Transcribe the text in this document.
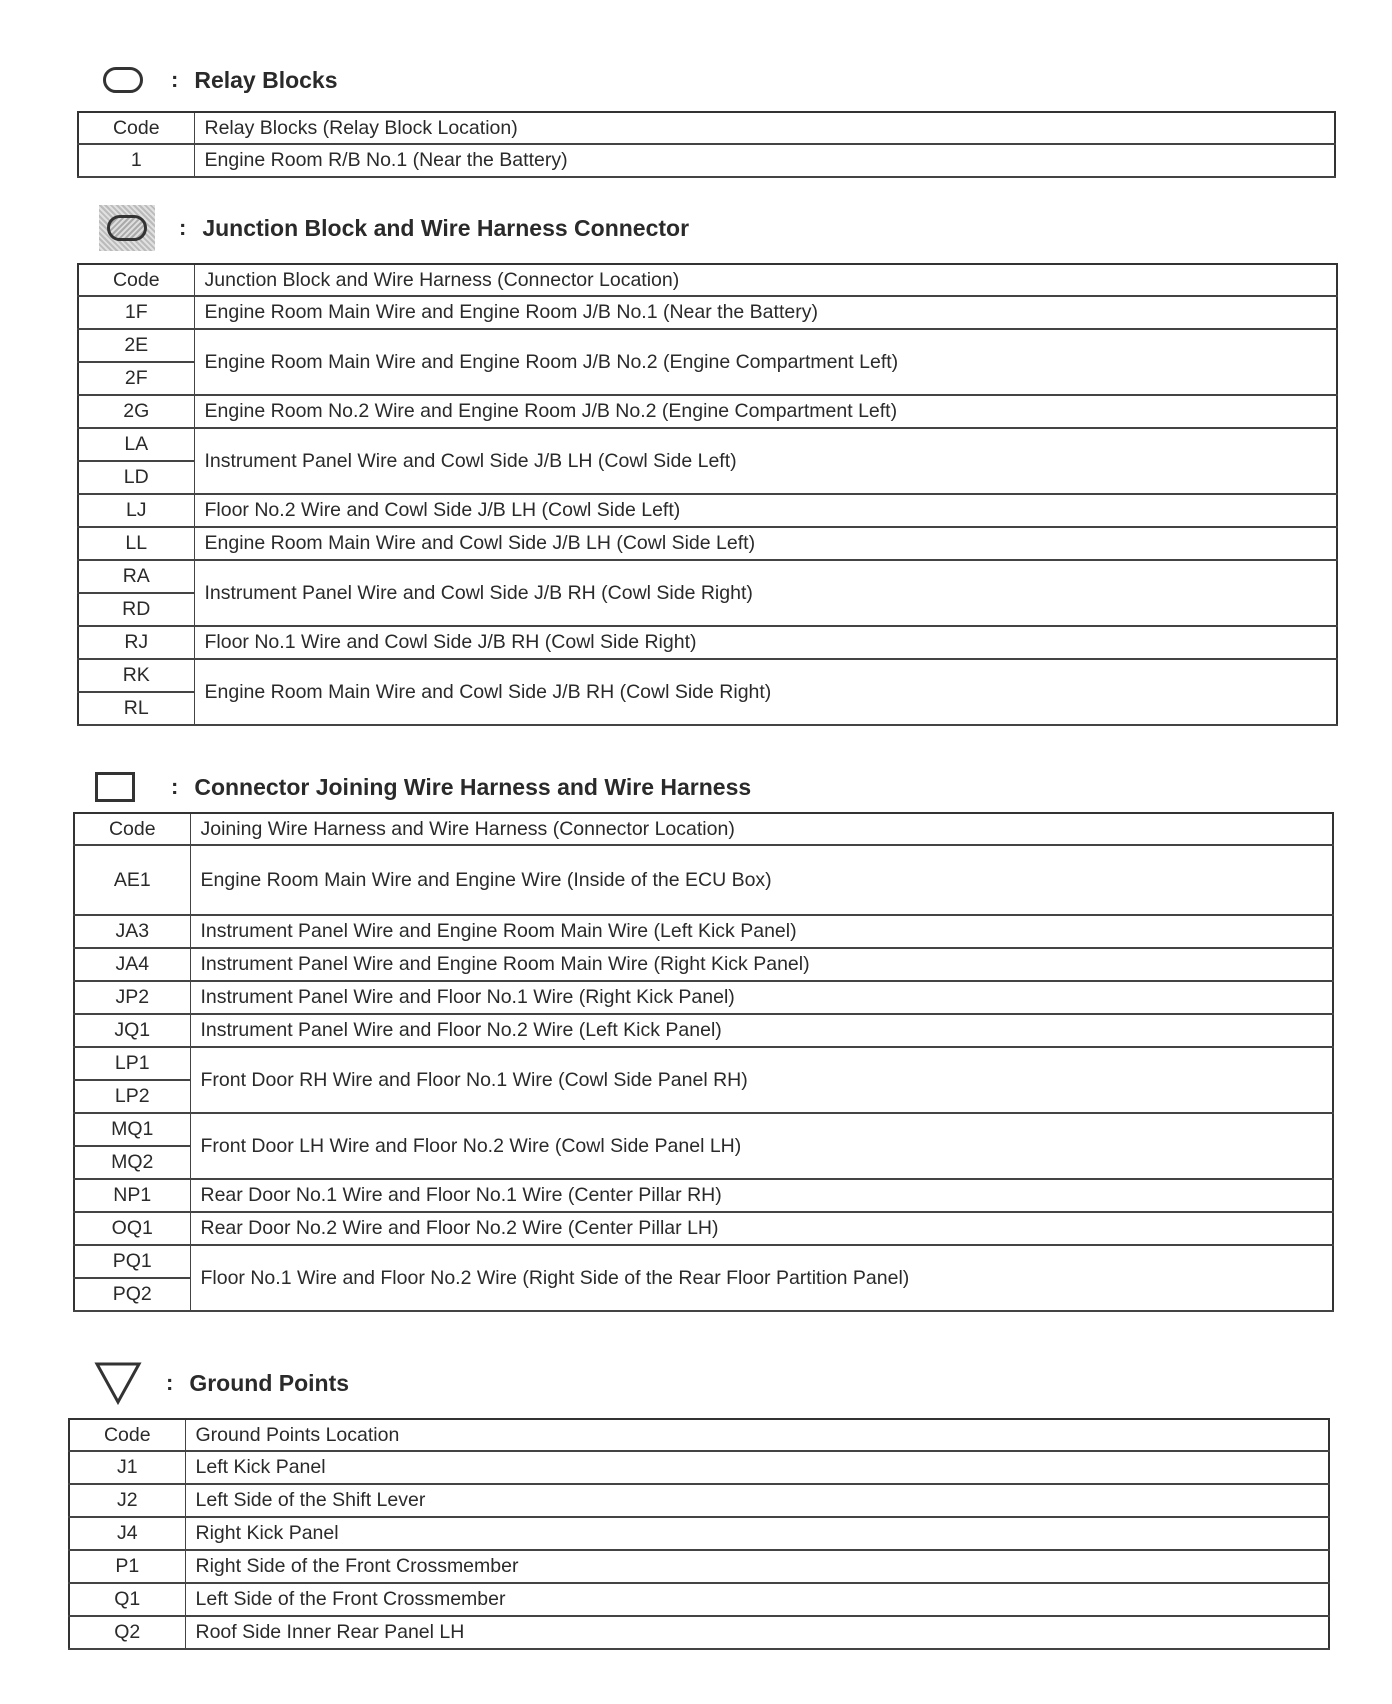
: Relay Blocks
Code	Relay Blocks (Relay Block Location)
1	Engine Room R/B No.1 (Near the Battery)
: Junction Block and Wire Harness Connector
Code	Junction Block and Wire Harness (Connector Location)
1F	Engine Room Main Wire and Engine Room J/B No.1 (Near the Battery)
2E	Engine Room Main Wire and Engine Room J/B No.2 (Engine Compartment Left)
2F	
2G	Engine Room No.2 Wire and Engine Room J/B No.2 (Engine Compartment Left)
LA	Instrument Panel Wire and Cowl Side J/B LH (Cowl Side Left)
LD	
LJ	Floor No.2 Wire and Cowl Side J/B LH (Cowl Side Left)
LL	Engine Room Main Wire and Cowl Side J/B LH (Cowl Side Left)
RA	Instrument Panel Wire and Cowl Side J/B RH (Cowl Side Right)
RD	
RJ	Floor No.1 Wire and Cowl Side J/B RH (Cowl Side Right)
RK	Engine Room Main Wire and Cowl Side J/B RH (Cowl Side Right)
RL	
: Connector Joining Wire Harness and Wire Harness
Code	Joining Wire Harness and Wire Harness (Connector Location)
AE1	Engine Room Main Wire and Engine Wire (Inside of the ECU Box)
JA3	Instrument Panel Wire and Engine Room Main Wire (Left Kick Panel)
JA4	Instrument Panel Wire and Engine Room Main Wire (Right Kick Panel)
JP2	Instrument Panel Wire and Floor No.1 Wire (Right Kick Panel)
JQ1	Instrument Panel Wire and Floor No.2 Wire (Left Kick Panel)
LP1	Front Door RH Wire and Floor No.1 Wire (Cowl Side Panel RH)
LP2	
MQ1	Front Door LH Wire and Floor No.2 Wire (Cowl Side Panel LH)
MQ2	
NP1	Rear Door No.1 Wire and Floor No.1 Wire (Center Pillar RH)
OQ1	Rear Door No.2 Wire and Floor No.2 Wire (Center Pillar LH)
PQ1	Floor No.1 Wire and Floor No.2 Wire (Right Side of the Rear Floor Partition Panel)
PQ2	
: Ground Points
Code	Ground Points Location
J1	Left Kick Panel
J2	Left Side of the Shift Lever
J4	Right Kick Panel
P1	Right Side of the Front Crossmember
Q1	Left Side of the Front Crossmember
Q2	Roof Side Inner Rear Panel LH
